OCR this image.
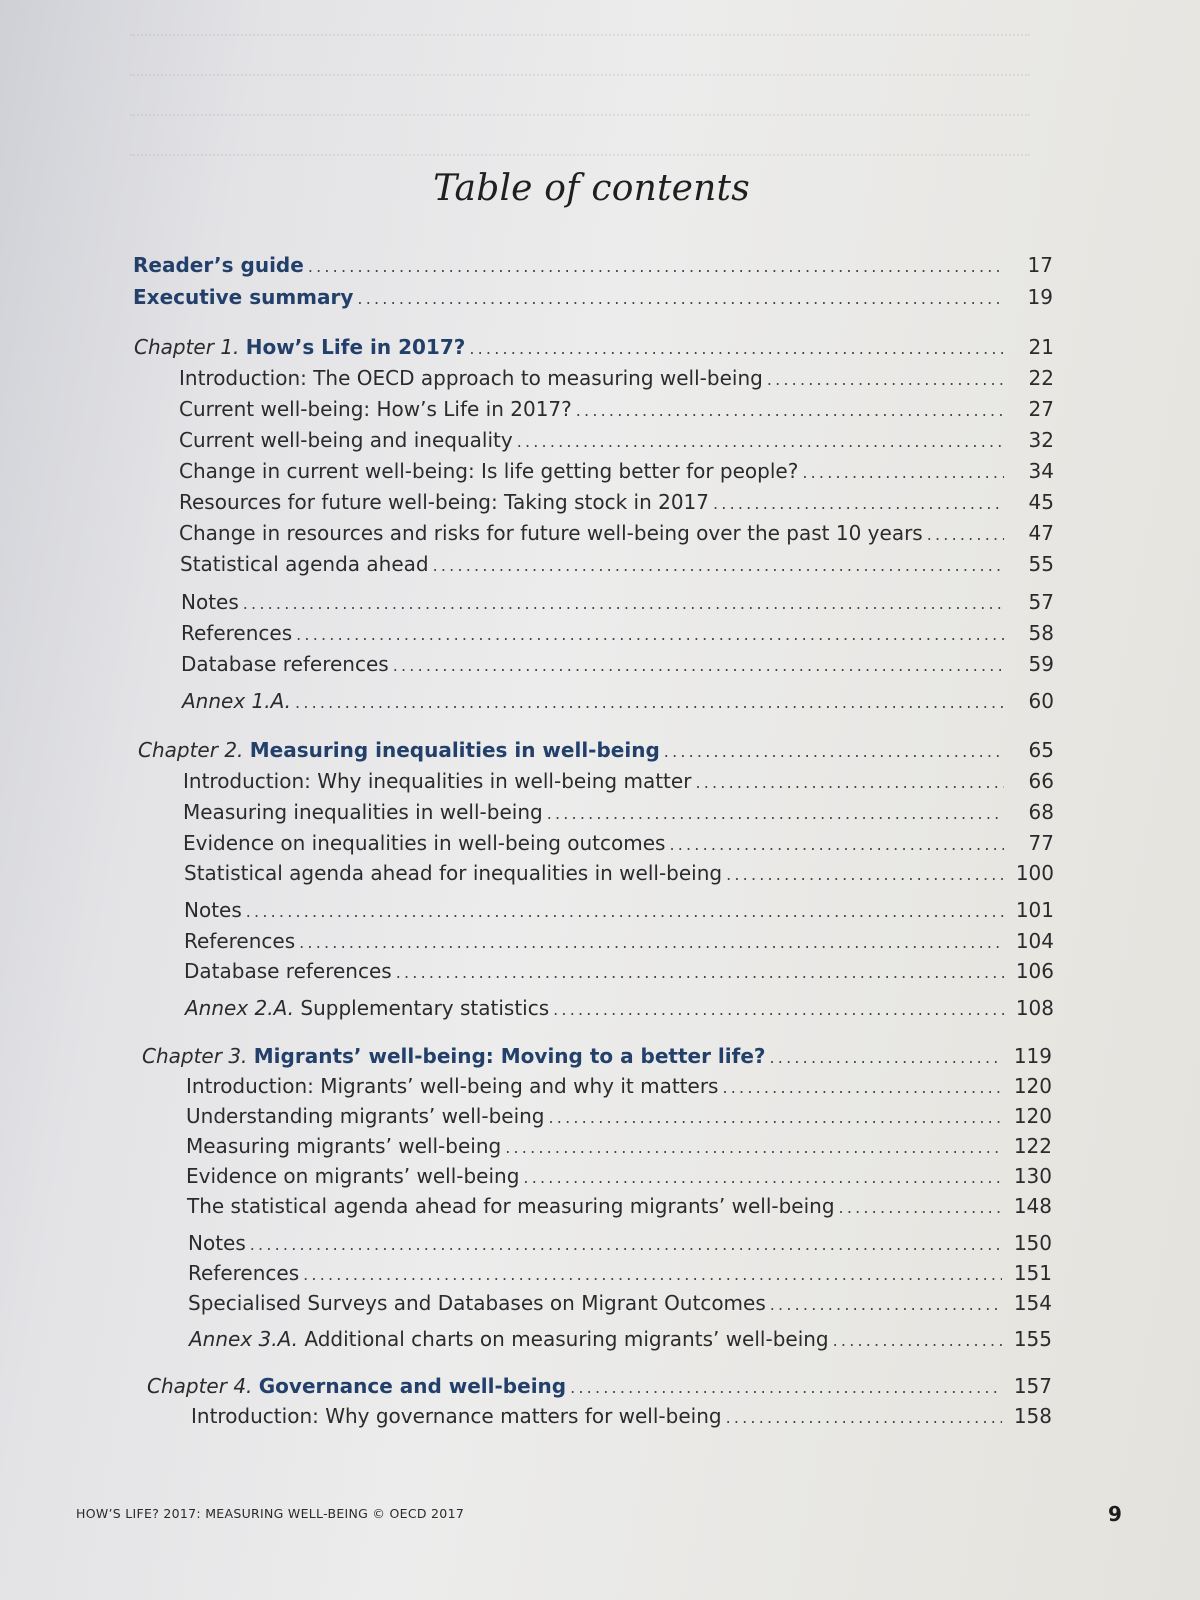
Table of contents
Reader’s guide .....	17
Executive summary .....	19
Chapter 1. How’s Life in 2017? .....	21
Introduction: The OECD approach to measuring well-being .....	22
Current well-being: How’s Life in 2017? .....	27
Current well-being and inequality .....	32
Change in current well-being: Is life getting better for people? .....	34
Resources for future well-being: Taking stock in 2017 .....	45
Change in resources and risks for future well-being over the past 10 years .....	47
Statistical agenda ahead .....	55
Notes .....	57
References .....	58
Database references .....	59
Annex 1.A. .....	60
Chapter 2. Measuring inequalities in well-being .....	65
Introduction: Why inequalities in well-being matter .....	66
Measuring inequalities in well-being .....	68
Evidence on inequalities in well-being outcomes .....	77
Statistical agenda ahead for inequalities in well-being .....	100
Notes .....	101
References .....	104
Database references .....	106
Annex 2.A. Supplementary statistics .....	108
Chapter 3. Migrants’ well-being: Moving to a better life? .....	119
Introduction: Migrants’ well-being and why it matters .....	120
Understanding migrants’ well-being .....	120
Measuring migrants’ well-being .....	122
Evidence on migrants’ well-being .....	130
The statistical agenda ahead for measuring migrants’ well-being .....	148
Notes .....	150
References .....	151
Specialised Surveys and Databases on Migrant Outcomes .....	154
Annex 3.A. Additional charts on measuring migrants’ well-being .....	155
Chapter 4. Governance and well-being .....	157
Introduction: Why governance matters for well-being .....	158
HOW’S LIFE? 2017: MEASURING WELL-BEING © OECD 2017	9
